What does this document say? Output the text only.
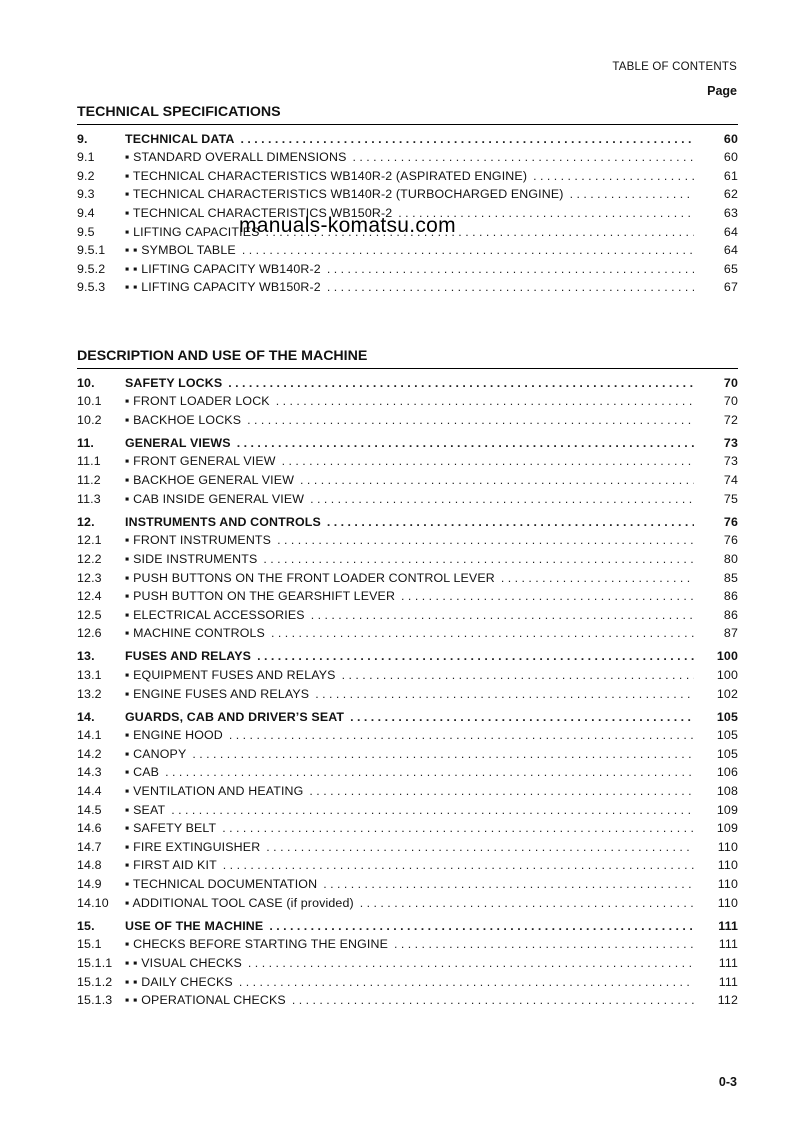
TABLE OF CONTENTS
Page
TECHNICAL SPECIFICATIONS
9.	TECHNICAL DATA . . .	60
9.1	▪ STANDARD OVERALL DIMENSIONS . . .	60
9.2	▪ TECHNICAL CHARACTERISTICS WB140R-2 (ASPIRATED ENGINE) . . .	61
9.3	▪ TECHNICAL CHARACTERISTICS WB140R-2 (TURBOCHARGED ENGINE) . . .	62
9.4	▪ TECHNICAL CHARACTERISTICS WB150R-2 . . .	63
9.5	▪ LIFTING CAPACITIES . . .	64
9.5.1	▪ ▪ SYMBOL TABLE . . .	64
9.5.2	▪ ▪ LIFTING CAPACITY WB140R-2 . . .	65
9.5.3	▪ ▪ LIFTING CAPACITY WB150R-2 . . .	67
DESCRIPTION AND USE OF THE MACHINE
10.	SAFETY LOCKS . . .	70
10.1	▪ FRONT LOADER LOCK . . .	70
10.2	▪ BACKHOE LOCKS . . .	72
11.	GENERAL VIEWS . . .	73
11.1	▪ FRONT GENERAL VIEW . . .	73
11.2	▪ BACKHOE GENERAL VIEW . . .	74
11.3	▪ CAB INSIDE GENERAL VIEW . . .	75
12.	INSTRUMENTS AND CONTROLS . . .	76
12.1	▪ FRONT INSTRUMENTS . . .	76
12.2	▪ SIDE INSTRUMENTS . . .	80
12.3	▪ PUSH BUTTONS ON THE FRONT LOADER CONTROL LEVER . . .	85
12.4	▪ PUSH BUTTON ON THE GEARSHIFT LEVER . . .	86
12.5	▪ ELECTRICAL ACCESSORIES . . .	86
12.6	▪ MACHINE CONTROLS . . .	87
13.	FUSES AND RELAYS . . .	100
13.1	▪ EQUIPMENT FUSES AND RELAYS . . .	100
13.2	▪ ENGINE FUSES AND RELAYS . . .	102
14.	GUARDS, CAB AND DRIVER’S SEAT . . .	105
14.1	▪ ENGINE HOOD . . .	105
14.2	▪ CANOPY . . .	105
14.3	▪ CAB . . .	106
14.4	▪ VENTILATION AND HEATING . . .	108
14.5	▪ SEAT . . .	109
14.6	▪ SAFETY BELT . . .	109
14.7	▪ FIRE EXTINGUISHER . . .	110
14.8	▪ FIRST AID KIT . . .	110
14.9	▪ TECHNICAL DOCUMENTATION . . .	110
14.10	▪ ADDITIONAL TOOL CASE (if provided) . . .	110
15.	USE OF THE MACHINE . . .	111
15.1	▪ CHECKS BEFORE STARTING THE ENGINE . . .	111
15.1.1	▪ ▪ VISUAL CHECKS . . .	111
15.1.2	▪ ▪ DAILY CHECKS . . .	111
15.1.3	▪ ▪ OPERATIONAL CHECKS . . .	112
manuals-komatsu.com
0-3
